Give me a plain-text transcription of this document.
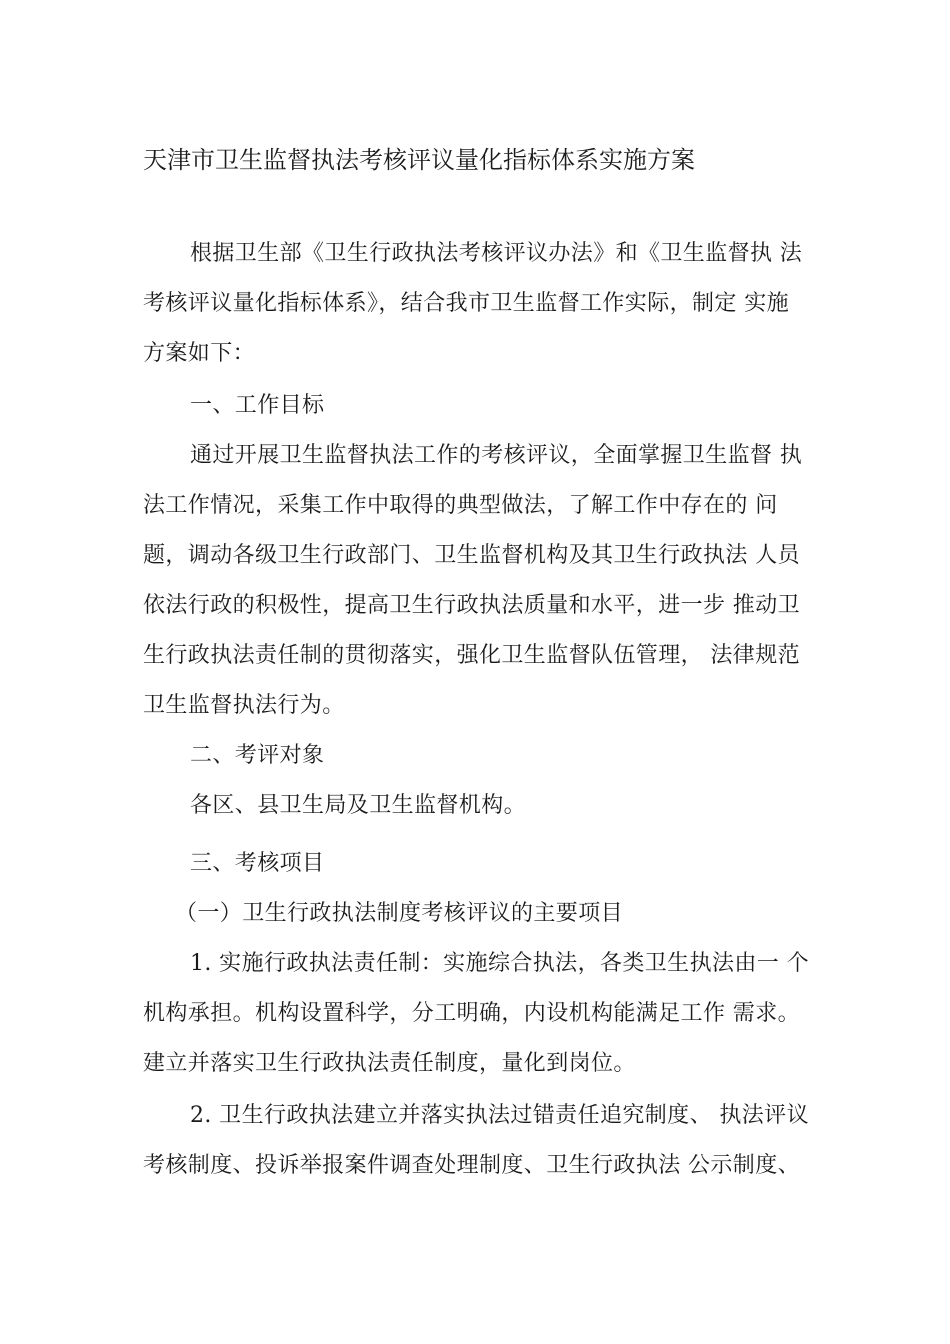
天津市卫生监督执法考核评议量化指标体系实施方案
根据卫生部《卫生行政执法考核评议办法》和《卫生监督执 法
考核评议量化指标体系》，结合我市卫生监督工作实际，制定 实施
方案如下：
一、工作目标
通过开展卫生监督执法工作的考核评议，全面掌握卫生监督 执
法工作情况，采集工作中取得的典型做法，了解工作中存在的 问
题，调动各级卫生行政部门、卫生监督机构及其卫生行政执法 人员
依法行政的积极性，提高卫生行政执法质量和水平，进一步 推动卫
生行政执法责任制的贯彻落实，强化卫生监督队伍管理， 法律规范
卫生监督执法行为。
二、考评对象
各区、县卫生局及卫生监督机构。
三、考核项目
（一）卫生行政执法制度考核评议的主要项目
1. 实施行政执法责任制：实施综合执法，各类卫生执法由一 个
机构承担。机构设置科学，分工明确，内设机构能满足工作 需求。
建立并落实卫生行政执法责任制度，量化到岗位。
2. 卫生行政执法建立并落实执法过错责任追究制度、 执法评议
考核制度、投诉举报案件调查处理制度、卫生行政执法 公示制度、
